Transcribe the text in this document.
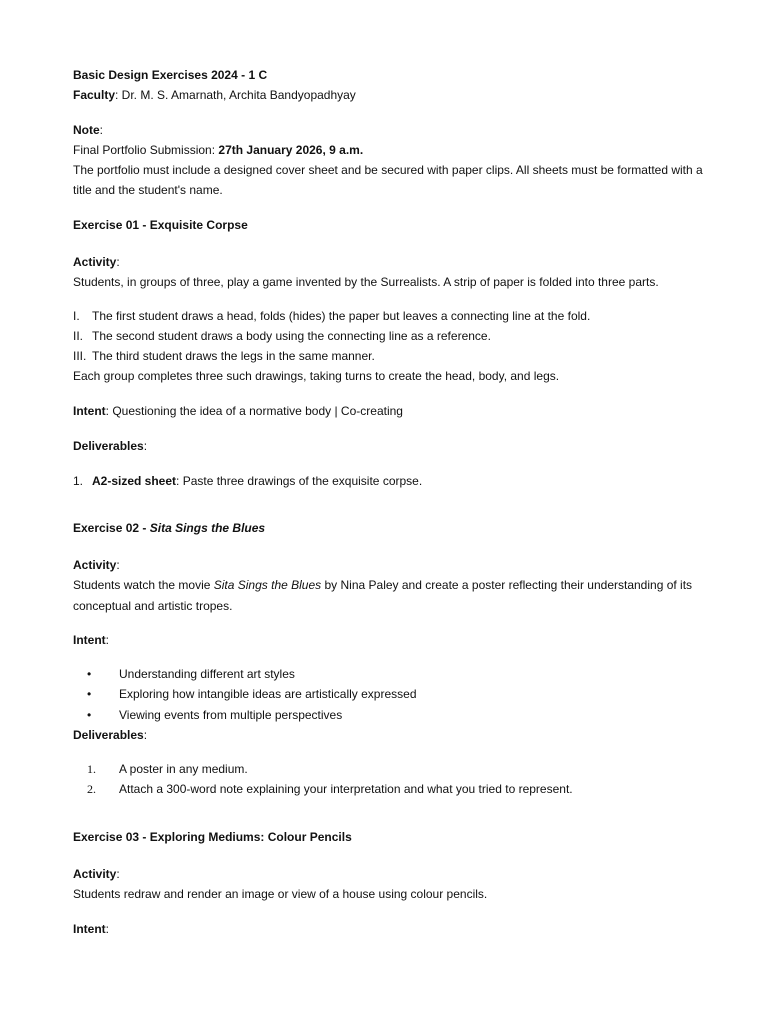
Basic Design Exercises 2024 - 1 C
Faculty: Dr. M. S. Amarnath, Archita Bandyopadhyay
Note:
Final Portfolio Submission: 27th January 2026, 9 a.m.
The portfolio must include a designed cover sheet and be secured with paper clips. All sheets must be formatted with a
title and the student's name.
Exercise 01 - Exquisite Corpse
Activity:
Students, in groups of three, play a game invented by the Surrealists. A strip of paper is folded into three parts.
I. The first student draws a head, folds (hides) the paper but leaves a connecting line at the fold.
II. The second student draws a body using the connecting line as a reference.
III. The third student draws the legs in the same manner.
Each group completes three such drawings, taking turns to create the head, body, and legs.
Intent: Questioning the idea of a normative body | Co-creating
Deliverables:
1. A2-sized sheet: Paste three drawings of the exquisite corpse.
Exercise 02 - Sita Sings the Blues
Activity:
Students watch the movie Sita Sings the Blues by Nina Paley and create a poster reflecting their understanding of its
conceptual and artistic tropes.
Intent:
• Understanding different art styles
• Exploring how intangible ideas are artistically expressed
• Viewing events from multiple perspectives
Deliverables:
1. A poster in any medium.
2. Attach a 300-word note explaining your interpretation and what you tried to represent.
Exercise 03 - Exploring Mediums: Colour Pencils
Activity:
Students redraw and render an image or view of a house using colour pencils.
Intent:
